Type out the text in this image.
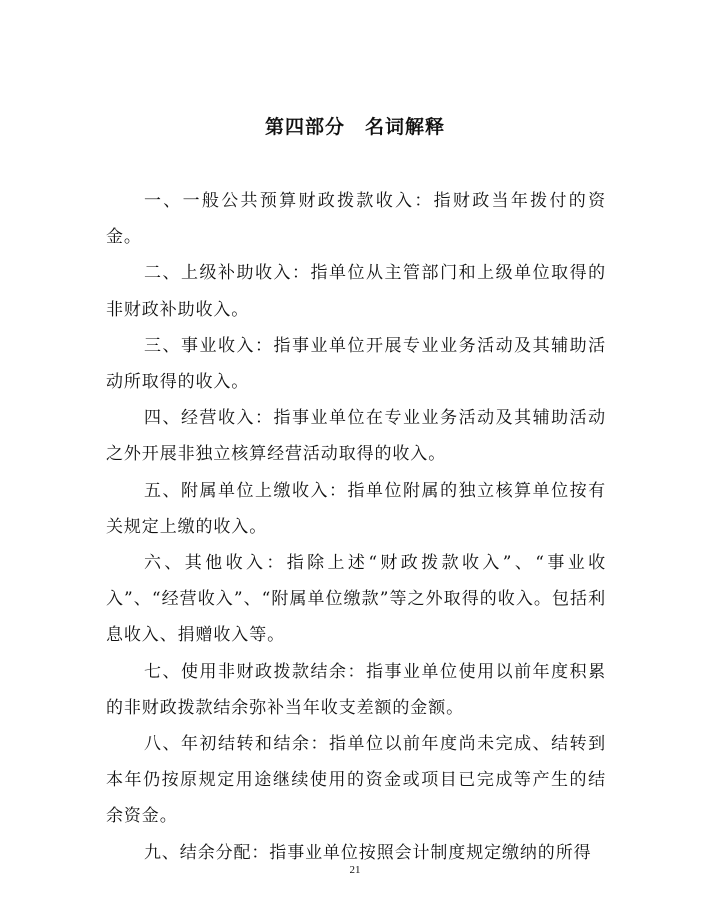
第四部分　名词解释

一、一般公共预算财政拨款收入：指财政当年拨付的资金。

二、上级补助收入：指单位从主管部门和上级单位取得的非财政补助收入。

三、事业收入：指事业单位开展专业业务活动及其辅助活动所取得的收入。

四、经营收入：指事业单位在专业业务活动及其辅助活动之外开展非独立核算经营活动取得的收入。

五、附属单位上缴收入：指单位附属的独立核算单位按有关规定上缴的收入。

六、其他收入：指除上述“财政拨款收入”、“事业收入”、“经营收入”、“附属单位缴款”等之外取得的收入。包括利息收入、捐赠收入等。

七、使用非财政拨款结余：指事业单位使用以前年度积累的非财政拨款结余弥补当年收支差额的金额。

八、年初结转和结余：指单位以前年度尚未完成、结转到本年仍按原规定用途继续使用的资金或项目已完成等产生的结余资金。

九、结余分配：指事业单位按照会计制度规定缴纳的所得

21
